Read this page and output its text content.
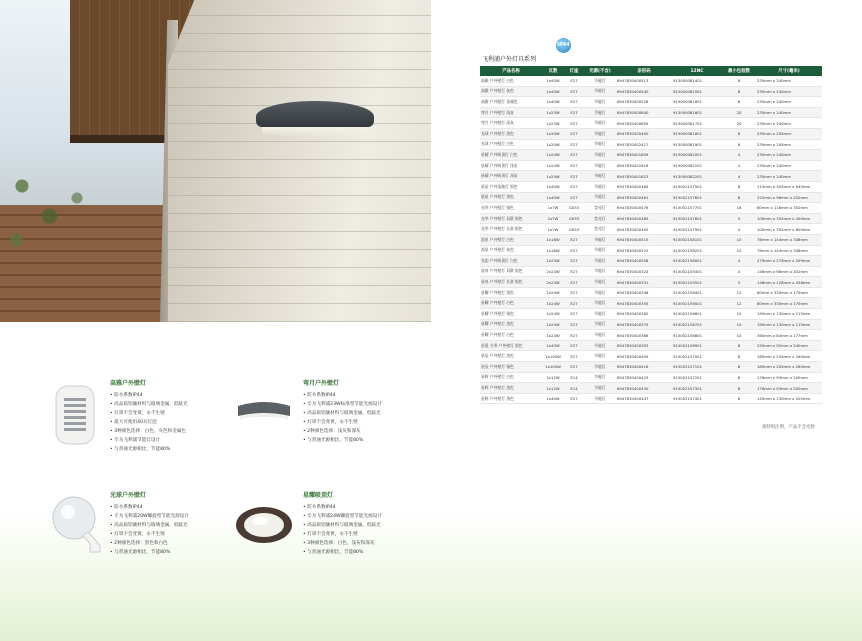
高雅户外壁灯
• 防水系数IP44
• 高品质铝镶材料与玻璃金属，低眩光
• 灯罩不会变黄，永不生锈
• 最大可使用40瓦灯泡
• 3种颜色选择：白色、灰色和金属色
• 专为飞利浦节能灯设计
• 与普通光源相比，节能80%
弯月户外壁灯
• 防水系数IP44
• 专为飞利浦23W标准型节能光源设计
• 高品质铝镶材料与玻璃金属，低眩光
• 灯罩不会变黄，永不生锈
• 2种颜色选择：浅灰和深灰
• 与普通光源相比，节能80%
光球户外壁灯
• 防水系数IP44
• 专为飞利浦20W螺旋型节能光源设计
• 高品质铝镶材料与玻璃金属，低眩光
• 灯罩不会变黄，永不生锈
• 2种颜色选择：黑色和白色
• 与普通光源相比，节能80%
星耀吸顶灯
• 防水系数IP44
• 专为飞利浦24W螺旋型节能光源设计
• 高品质铝镶材料与玻璃金属，低眩光
• 灯罩不会变黄，永不生锈
• 3种颜色选择：白色、浅灰和深灰
• 与普通光源相比，节能80%
飞利浦户外灯具系列
IP44
产品名称	瓦数	灯座	光源(不含)	条形码	12NC	最小包装数	尺寸(毫米)
高雅 户外壁灯 白色	1x40W	E27	节能灯	6947830400513	915000081401	8	235mm x 240mm
高雅 户外壁灯 灰色	1x40W	E27	节能灯	6947830400540	915000081501	8	235mm x 240mm
高雅 户外壁灯 金属色	1x40W	E27	节能灯	6947830400528	915000081601	8	235mm x 240mm
弯月 户外壁灯 浅灰	1x23W	E27	节能灯	6947830400640	915000081601	20	235mm x 240mm
弯月 户外壁灯 深灰	1x23W	E27	节能灯	6947830400655	915000081701	20	235mm x 240mm
光球 户外壁灯 黑色	1x20W	E27	节能灯	6947830405400	915000081801	6	235mm x 205mm
光球 户外壁灯 白色	1x20W	E27	节能灯	6947830402417	915000081901	6	235mm x 205mm
星耀 户外吸顶灯 白色	1x24W	E27	节能灯	6947830401809	915000082001	4	235mm x 240mm
星耀 户外吸顶灯 浅灰	1x24W	E27	节能灯	6947830401816	915000082101	4	235mm x 240mm
星耀 户外吸顶灯 深灰	1x24W	E27	节能灯	6947830401823	915000082201	4	235mm x 240mm
星辰 户外落地灯 黑色	1x40W	E27	节能灯	6947830400464	915002157501	6	115mm x 305mm x 940mm
晨星 户外壁灯 黑色	1x40W	E27	节能灯	6947830400461	915002157601	8	252mm x 96mm x 252mm
光华 户外壁灯 银色	1x7W	GX53	荧光灯	6947830400478	915002157701	16	80mm x 118mm x 352mm
光华 户外壁灯 双联 银色	2x7W	GX53	荧光灯	6947830400485	915002157801	5	100mm x 352mm x 400mm
光华 户外壁灯 长款 银色	1x7W	GX53	荧光灯	6947830400492	915002157901	4	100mm x 352mm x 800mm
流星 户外壁灯 白色	1x18W	E27	节能灯	6947830400515	915002158101	10	76mm x 144mm x 348mm
流星 户外壁灯 灰色	1x18W	E27	节能灯	6947830400522	915002158201	10	76mm x 144mm x 348mm
光韵 户外吸顶灯 白色	1x23W	E27	节能灯	6947830400508	915002158001	4	279mm x 279mm x 209mm
星冉 户外壁灯 双联 银色	2x23W	E27	节能灯	6947830400324	915002155401	4	146mm x 98mm x 402mm
星冉 户外壁灯 长款 银色	2x23W	E27	节能灯	6947830400331	915002155501	3	146mm x 128mm x 438mm
星曜 户外壁灯 黑色	1x24W	E27	节能灯	6947830400348	915002156401	12	80mm x 330mm x 175mm
星曜 户外壁灯 白色	1x24W	E27	节能灯	6947830400355	915002156501	12	80mm x 335mm x 175mm
星曜 户外壁灯 银色	1x24W	E27	节能灯	6947830400362	915002156601	10	190mm x 130mm x 115mm
星曜 户外壁灯 黑色	1x24W	E27	节能灯	6947830400379	915002156701	10	190mm x 130mm x 115mm
星曜 户外壁灯 白色	1x23W	E27	节能灯	6947830400386	915002156801	10	360mm x 84mm x 177mm
星晨 方形 户外壁灯 银色	1x40W	E27	节能灯	6947830400393	915002156901	8	250mm x 92mm x 240mm
星辰 户外壁灯 黑色	1x100W	E27	节能灯	6947830400409	915002157001	8	185mm x 205mm x 260mm
星辰 户外壁灯 银色	1x100W	E27	节能灯	6947830400416	915002157101	8	185mm x 205mm x 260mm
星辉 户外壁灯 白色	1x12W	E14	节能灯	6947830400423	915002157201	6	176mm x 93mm x 200mm
星辉 户外壁灯 黑色	1x12W	E14	节能灯	6947830400430	915002157301	6	176mm x 93mm x 200mm
星辉 户外壁灯 黑色	1x40W	E27	节能灯	6947830400447	915002157401	6	145mm x 130mm x 205mm
备特别注明，产品不含光源
